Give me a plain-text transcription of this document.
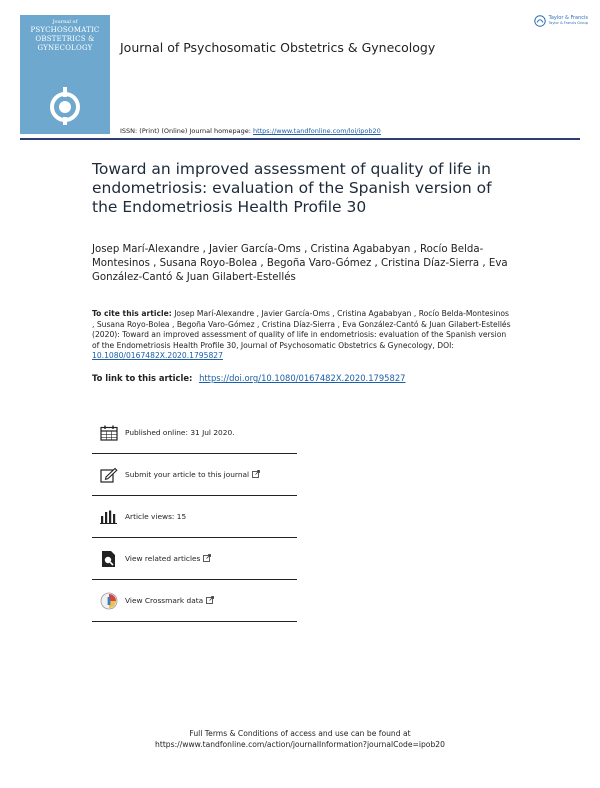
Journal of
PSYCHOSOMATIC
OBSTETRICS &
GYNECOLOGY	Journal of Psychosomatic Obstetrics & Gynecology
Taylor & Francis
Taylor & Francis Group
ISSN: (Print) (Online) Journal homepage: https://www.tandfonline.com/loi/ipob20
Toward an improved assessment of quality of life in endometriosis: evaluation of the Spanish version of the Endometriosis Health Profile 30
Josep Marí-Alexandre , Javier García-Oms , Cristina Agababyan , Rocío Belda-Montesinos , Susana Royo-Bolea , Begoña Varo-Gómez , Cristina Díaz-Sierra , Eva González-Cantó & Juan Gilabert-Estellés
To cite this article: Josep Marí-Alexandre , Javier García-Oms , Cristina Agababyan , Rocío Belda-Montesinos , Susana Royo-Bolea , Begoña Varo-Gómez , Cristina Díaz-Sierra , Eva González-Cantó & Juan Gilabert-Estellés (2020): Toward an improved assessment of quality of life in endometriosis: evaluation of the Spanish version of the Endometriosis Health Profile 30, Journal of Psychosomatic Obstetrics & Gynecology, DOI: 10.1080/0167482X.2020.1795827
To link to this article: https://doi.org/10.1080/0167482X.2020.1795827
Published online: 31 Jul 2020.
Submit your article to this journal
Article views: 15
View related articles
View Crossmark data
Full Terms & Conditions of access and use can be found at
https://www.tandfonline.com/action/journalInformation?journalCode=ipob20
